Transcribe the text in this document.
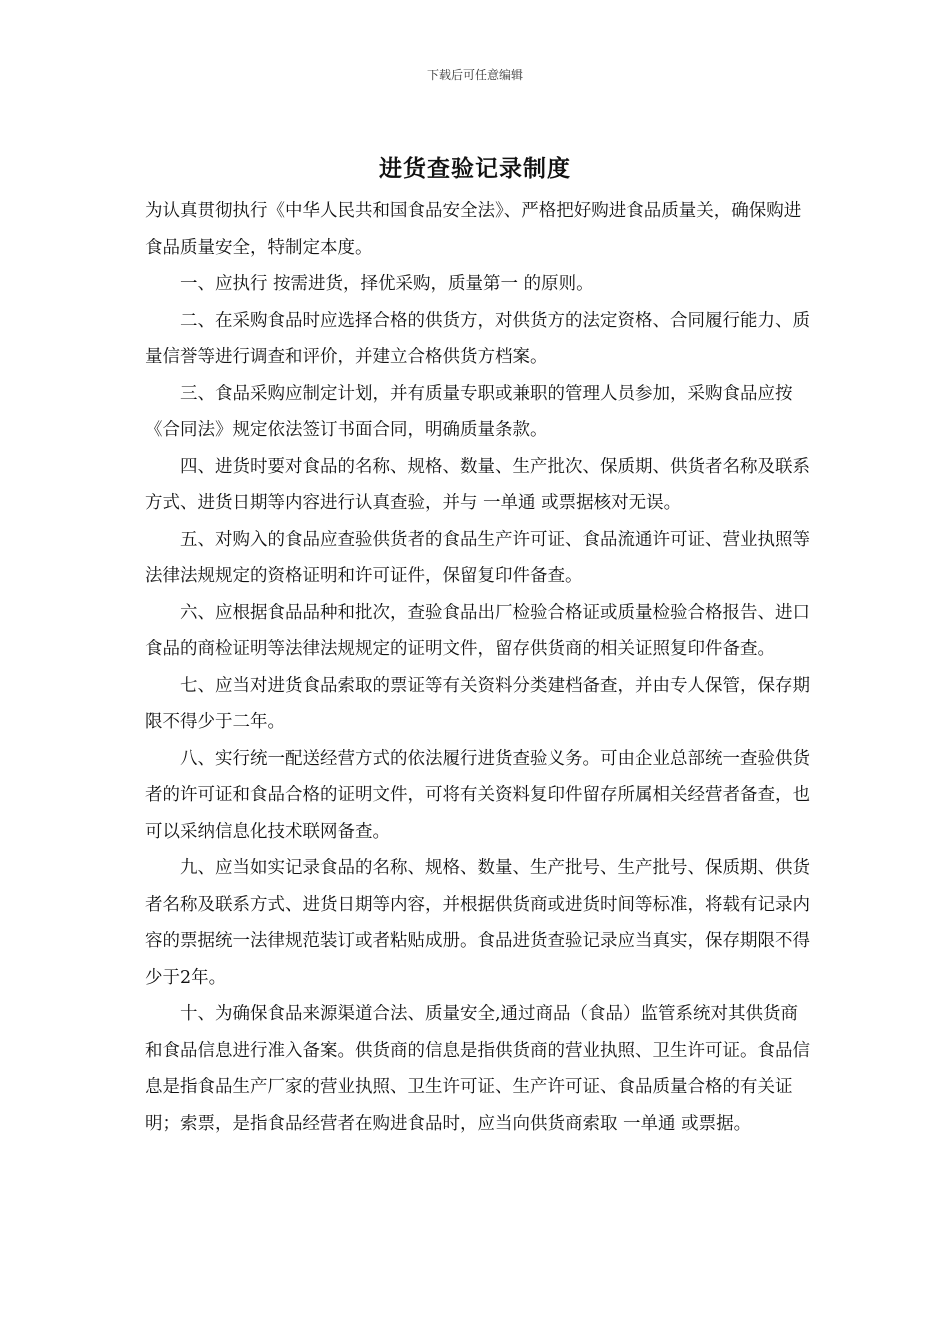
下载后可任意编辑
进货查验记录制度

为认真贯彻执行《中华人民共和国食品安全法》、严格把好购进食品质量关，确保购进食品质量安全，特制定本度。

一、应执行 按需进货，择优采购，质量第一 的原则。

二、在采购食品时应选择合格的供货方，对供货方的法定资格、合同履行能力、质量信誉等进行调查和评价，并建立合格供货方档案。

三、食品采购应制定计划，并有质量专职或兼职的管理人员参加，采购食品应按《合同法》规定依法签订书面合同，明确质量条款。

四、进货时要对食品的名称、规格、数量、生产批次、保质期、供货者名称及联系方式、进货日期等内容进行认真查验，并与 一单通 或票据核对无误。

五、对购入的食品应查验供货者的食品生产许可证、食品流通许可证、营业执照等法律法规规定的资格证明和许可证件，保留复印件备查。

六、应根据食品品种和批次，查验食品出厂检验合格证或质量检验合格报告、进口食品的商检证明等法律法规规定的证明文件，留存供货商的相关证照复印件备查。

七、应当对进货食品索取的票证等有关资料分类建档备查，并由专人保管，保存期限不得少于二年。

八、实行统一配送经营方式的依法履行进货查验义务。可由企业总部统一查验供货者的许可证和食品合格的证明文件，可将有关资料复印件留存所属相关经营者备查，也可以采纳信息化技术联网备查。

九、应当如实记录食品的名称、规格、数量、生产批号、生产批号、保质期、供货者名称及联系方式、进货日期等内容，并根据供货商或进货时间等标准，将载有记录内容的票据统一法律规范装订或者粘贴成册。食品进货查验记录应当真实，保存期限不得少于2年。

十、为确保食品来源渠道合法、质量安全,通过商品（食品）监管系统对其供货商和食品信息进行准入备案。供货商的信息是指供货商的营业执照、卫生许可证。食品信息是指食品生产厂家的营业执照、卫生许可证、生产许可证、食品质量合格的有关证明；索票，是指食品经营者在购进食品时，应当向供货商索取 一单通 或票据。
